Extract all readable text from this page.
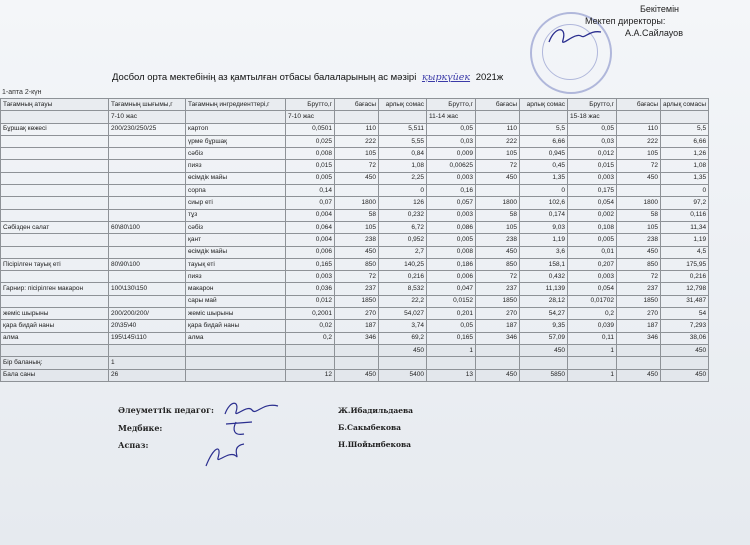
Бекітемін
Мектеп директоры:
А.А.Сайлауов
Досбол орта мектебінің аз қамтылған отбасы балаларының ас мәзірі қыркүйек 2021ж
1-апта 2-күн
Тағамның атауы	Тағамның шығымы,г	Тағамның ингредиенттері,г	Брутто,г	бағасы	арлық сомас	Брутто,г	бағасы	арлық сомас	Брутто,г	бағасы	арлық сомасы
	7-10 жас		7-10 жас			11-14 жас			15-18 жас		
Бұршақ көжесі	200/230/250/25	картоп	0,0501	110	5,511	0,05	110	5,5	0,05	110	5,5
		үрме бұршақ	0,025	222	5,55	0,03	222	6,66	0,03	222	6,66
		сәбіз	0,008	105	0,84	0,009	105	0,945	0,012	105	1,26
		пияз	0,015	72	1,08	0,00625	72	0,45	0,015	72	1,08
		өсімдік майы	0,005	450	2,25	0,003	450	1,35	0,003	450	1,35
		сорпа	0,14		0	0,16		0	0,175		0
		сиыр еті	0,07	1800	126	0,057	1800	102,6	0,054	1800	97,2
		тұз	0,004	58	0,232	0,003	58	0,174	0,002	58	0,116
Сәбізден салат	60\80\100	сәбіз	0,064	105	6,72	0,086	105	9,03	0,108	105	11,34
		қант	0,004	238	0,952	0,005	238	1,19	0,005	238	1,19
		өсімдік майы	0,006	450	2,7	0,008	450	3,6	0,01	450	4,5
Пісірілген тауық еті	80\90\100	тауық еті	0,165	850	140,25	0,186	850	158,1	0,207	850	175,95
		пияз	0,003	72	0,216	0,006	72	0,432	0,003	72	0,216
Гарнир: пісірілген макарон	100\130\150	макарон	0,036	237	8,532	0,047	237	11,139	0,054	237	12,798
		сары май	0,012	1850	22,2	0,0152	1850	28,12	0,01702	1850	31,487
жеміс шырыны	200/200/200/	жеміс шырыны	0,2001	270	54,027	0,201	270	54,27	0,2	270	54
қара бидай наны	20\35\40	қара бидай наны	0,02	187	3,74	0,05	187	9,35	0,039	187	7,293
алма	195\145\110	алма	0,2	346	69,2	0,165	346	57,09	0,11	346	38,06
					450	1		450	1		450
Бір баланың:	1										
Бала саны	26		12	450	5400	13	450	5850	1	450	450
Әлеуметтік педагог:
Медбике:
Аспаз:
Ж.Ибадильдаева
Б.Сакыбекова
Н.Шойынбекова
